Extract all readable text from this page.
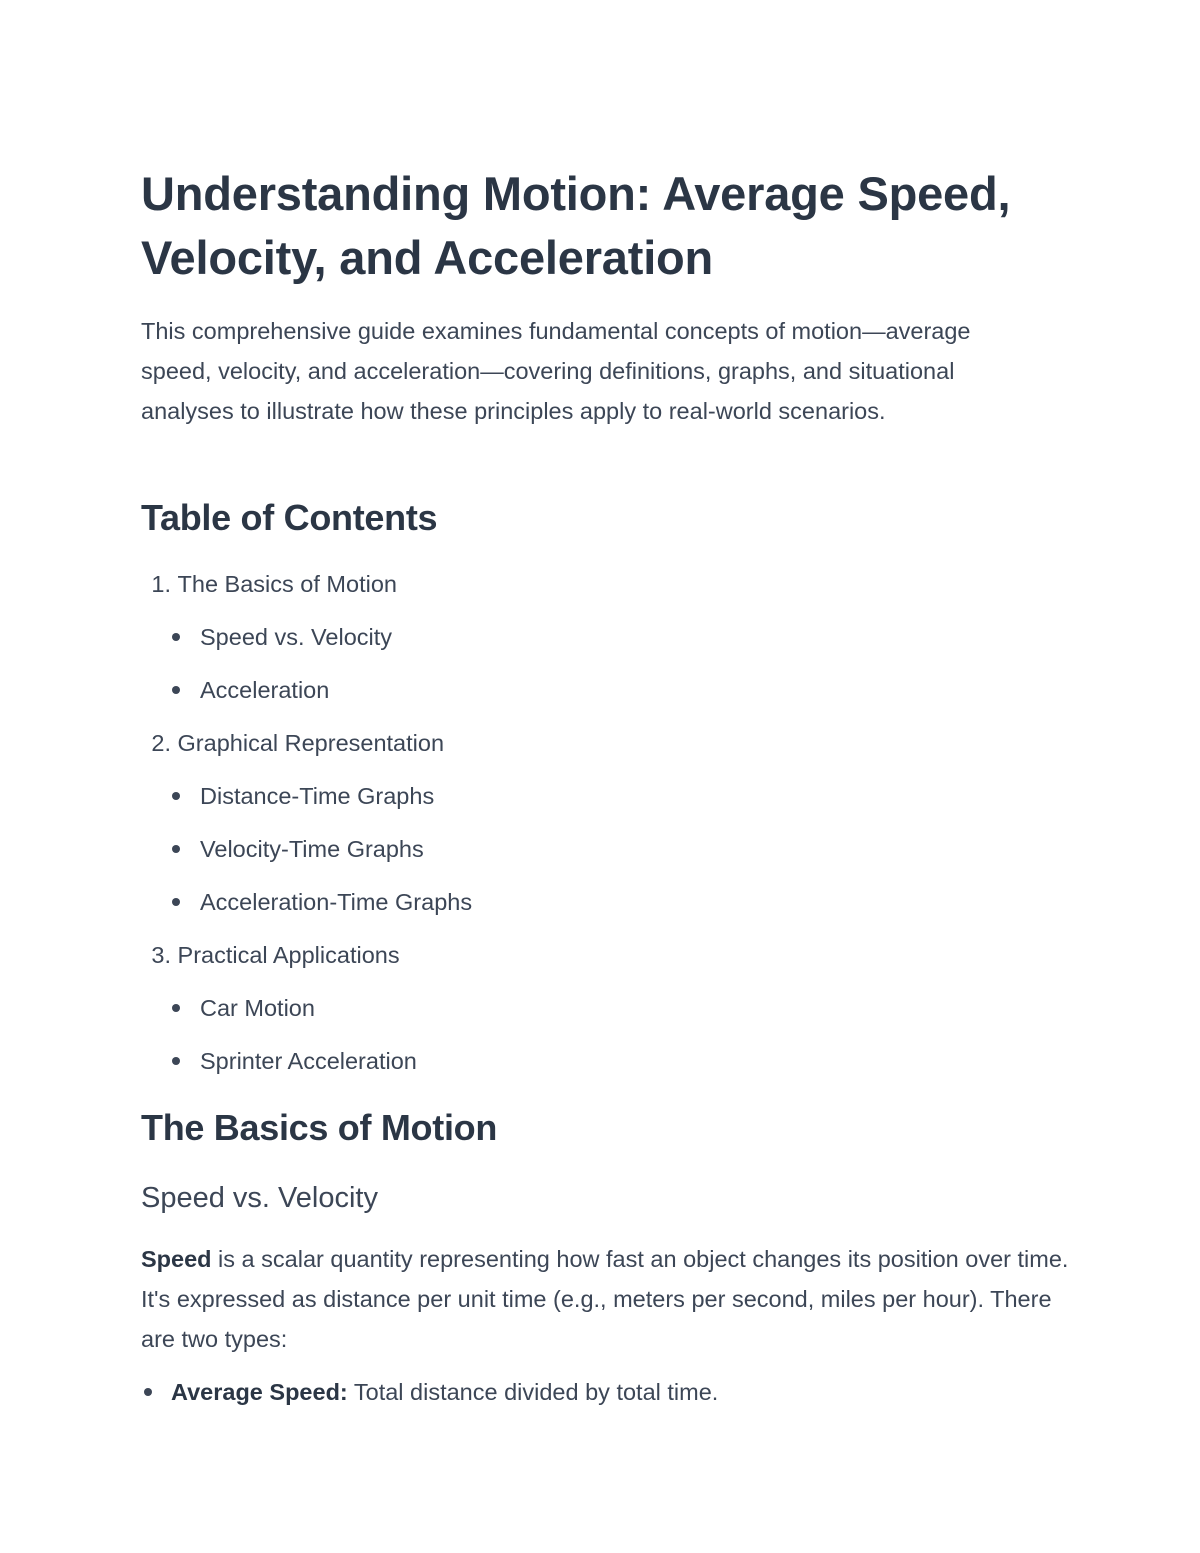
Understanding Motion: Average Speed, Velocity, and Acceleration

This comprehensive guide examines fundamental concepts of motion—average speed, velocity, and acceleration—covering definitions, graphs, and situational analyses to illustrate how these principles apply to real-world scenarios.

Table of Contents
1. The Basics of Motion
Speed vs. Velocity
Acceleration
2. Graphical Representation
Distance-Time Graphs
Velocity-Time Graphs
Acceleration-Time Graphs
3. Practical Applications
Car Motion
Sprinter Acceleration
The Basics of Motion
Speed vs. Velocity

Speed is a scalar quantity representing how fast an object changes its position over time. It's expressed as distance per unit time (e.g., meters per second, miles per hour). There are two types:

Average Speed: Total distance divided by total time.
